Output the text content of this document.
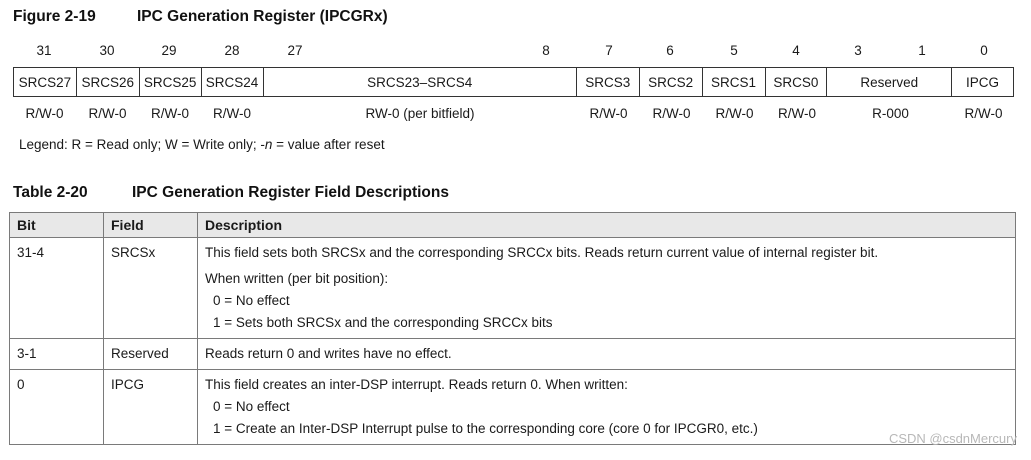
Figure 2-19	IPC Generation Register (IPCGRx)
31	30	29	28	27	8	7	6	5	4	3	1	0
SRCS27 SRCS26 SRCS25 SRCS24	SRCS23–SRCS4	SRCS3	SRCS2	SRCS1	SRCS0	Reserved	IPCG
R/W-0	R/W-0	R/W-0	R/W-0	RW-0 (per bitfield)	R/W-0	R/W-0	R/W-0	R/W-0	R-000	R/W-0
Legend: R = Read only; W = Write only; -n = value after reset
Table 2-20	IPC Generation Register Field Descriptions
Bit	Field	Description

31-4	SRCSx	This field sets both SRCSx and the corresponding SRCCx bits. Reads return current value of internal register bit.
When written (per bit position):
0 = No effect
1 = Sets both SRCSx and the corresponding SRCCx bits

3-1	Reserved	Reads return 0 and writes have no effect.

0	IPCG	This field creates an inter-DSP interrupt. Reads return 0. When written:
0 = No effect
1 = Create an Inter-DSP Interrupt pulse to the corresponding core (core 0 for IPCGR0, etc.)
CSDN @csdnMercury
